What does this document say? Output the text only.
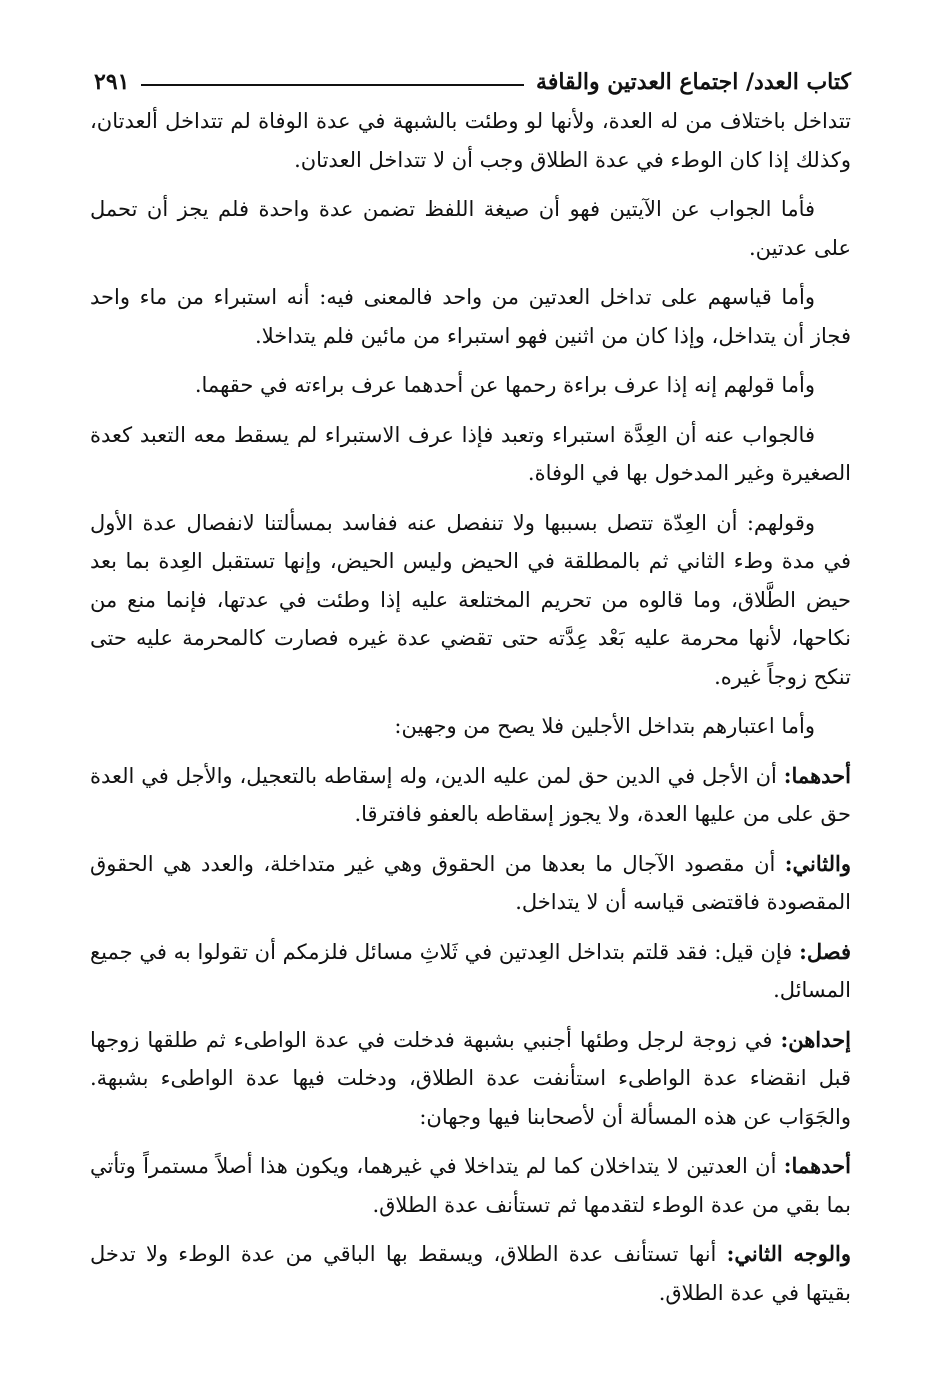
كتاب العدد/ اجتماع العدتين والقافة
٢٩١

تتداخل باختلاف من له العدة، ولأنها لو وطئت بالشبهة في عدة الوفاة لم تتداخل ألعدتان، وكذلك إذا كان الوطء في عدة الطلاق وجب أن لا تتداخل العدتان.

فأما الجواب عن الآيتين فهو أن صيغة اللفظ تضمن عدة واحدة فلم يجز أن تحمل على عدتين.

وأما قياسهم على تداخل العدتين من واحد فالمعنى فيه: أنه استبراء من ماء واحد فجاز أن يتداخل، وإذا كان من اثنين فهو استبراء من مائين فلم يتداخلا.

وأما قولهم إنه إذا عرف براءة رحمها عن أحدهما عرف براءته في حقهما.

فالجواب عنه أن العِدَّة استبراء وتعبد فإذا عرف الاستبراء لم يسقط معه التعبد كعدة الصغيرة وغير المدخول بها في الوفاة.

وقولهم: أن العِدّة تتصل بسببها ولا تنفصل عنه ففاسد بمسألتنا لانفصال عدة الأول في مدة وطء الثاني ثم بالمطلقة في الحيض وليس الحيض، وإنها تستقبل العِدة بما بعد حيض الطَّلاق، وما قالوه من تحريم المختلعة عليه إذا وطئت في عدتها، فإنما منع من نكاحها، لأنها محرمة عليه بَعْد عِدَّته حتى تقضي عدة غيره فصارت كالمحرمة عليه حتى تنكح زوجاً غيره.

وأما اعتبارهم بتداخل الأجلين فلا يصح من وجهين:

أحدهما: أن الأجل في الدين حق لمن عليه الدين، وله إسقاطه بالتعجيل، والأجل في العدة حق على من عليها العدة، ولا يجوز إسقاطه بالعفو فافترقا.

والثاني: أن مقصود الآجال ما بعدها من الحقوق وهي غير متداخلة، والعدد هي الحقوق المقصودة فاقتضى قياسه أن لا يتداخل.

فصل: فإن قيل: فقد قلتم بتداخل العِدتين في ثَلاثِ مسائل فلزمكم أن تقولوا به في جميع المسائل.

إحداهن: في زوجة لرجل وطئها أجنبي بشبهة فدخلت في عدة الواطىء ثم طلقها زوجها قبل انقضاء عدة الواطىء استأنفت عدة الطلاق، ودخلت فيها عدة الواطىء بشبهة. والجَوَاب عن هذه المسألة أن لأصحابنا فيها وجهان:

أحدهما: أن العدتين لا يتداخلان كما لم يتداخلا في غيرهما، ويكون هذا أصلاً مستمراً وتأتي بما بقي من عدة الوطء لتقدمها ثم تستأنف عدة الطلاق.

والوجه الثاني: أنها تستأنف عدة الطلاق، ويسقط بها الباقي من عدة الوطء ولا تدخل بقيتها في عدة الطلاق.
